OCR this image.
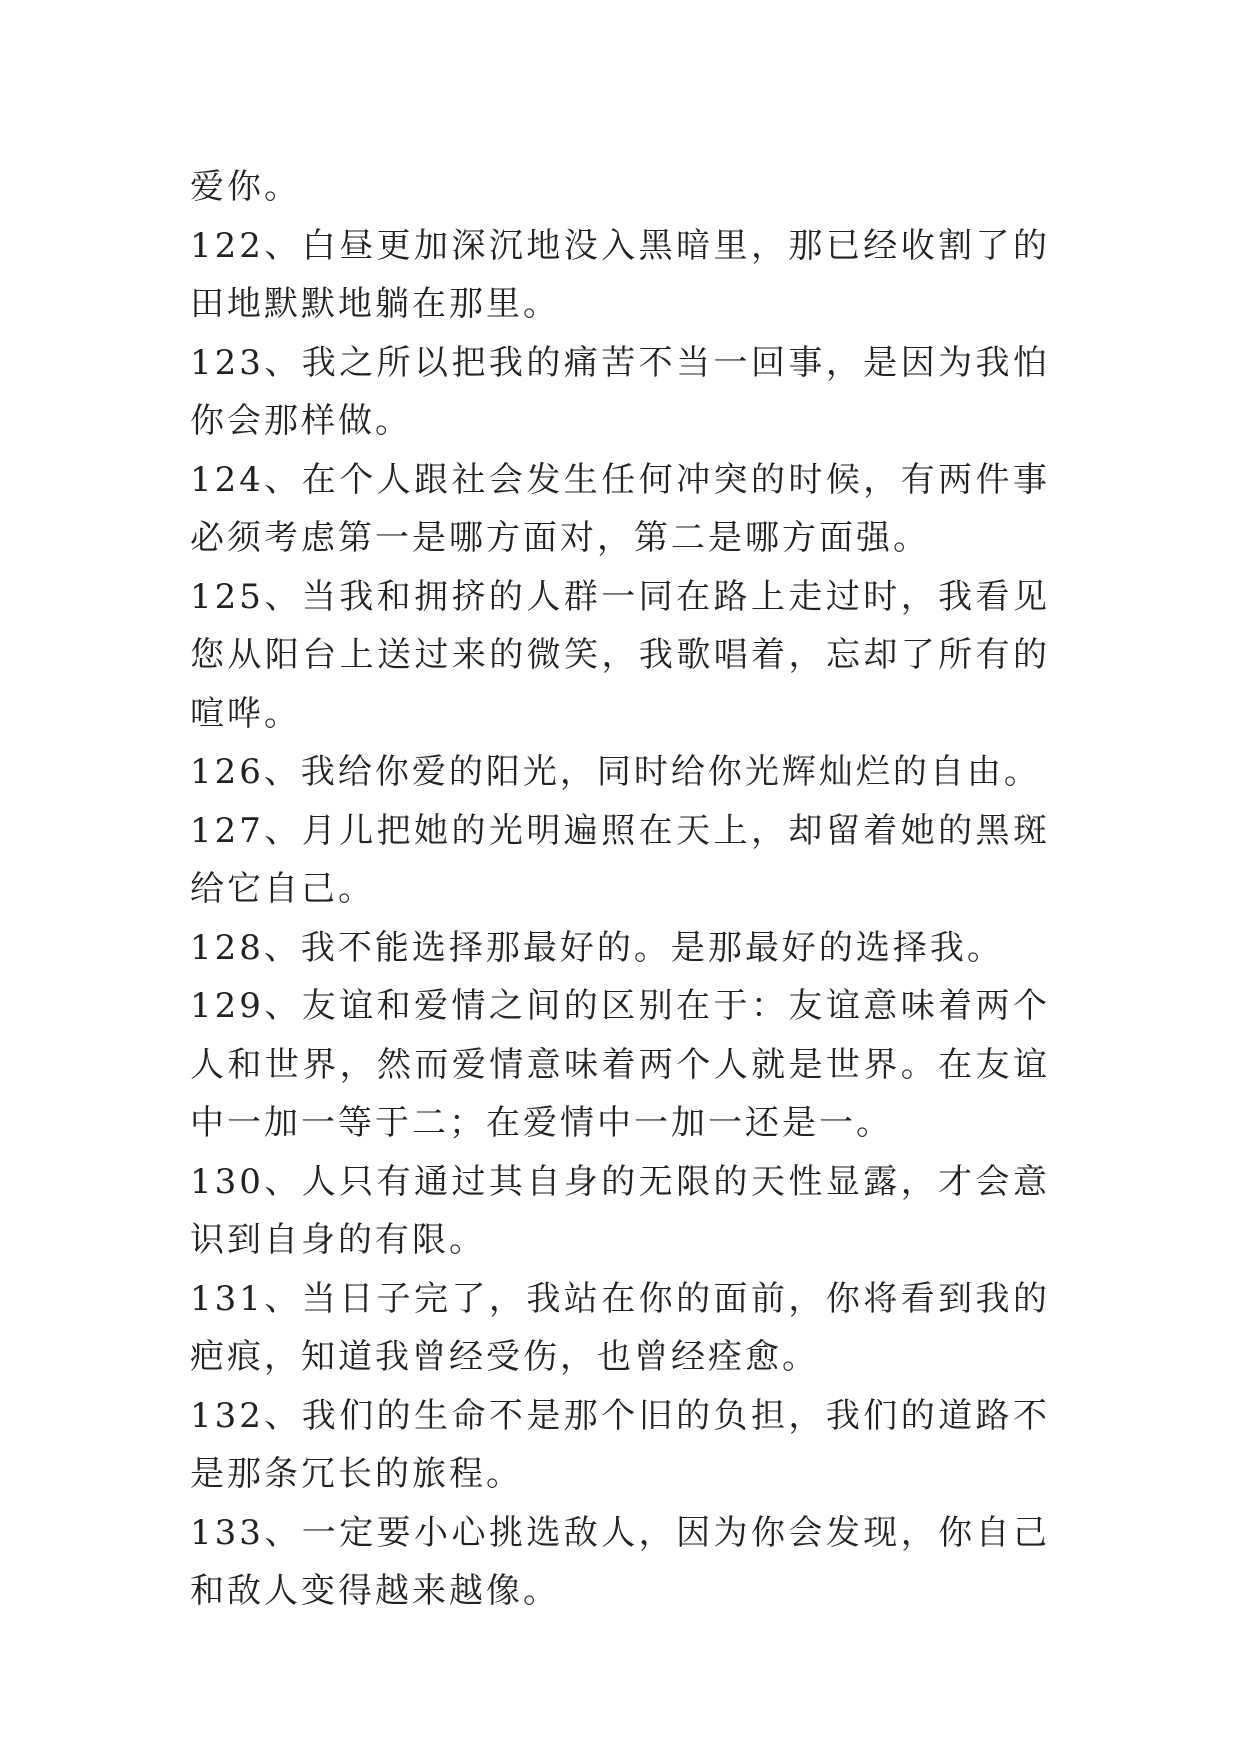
爱你。

122、白昼更加深沉地没入黑暗里，那已经收割了的田地默默地躺在那里。

123、我之所以把我的痛苦不当一回事，是因为我怕你会那样做。

124、在个人跟社会发生任何冲突的时候，有两件事必须考虑第一是哪方面对，第二是哪方面强。

125、当我和拥挤的人群一同在路上走过时，我看见您从阳台上送过来的微笑，我歌唱着，忘却了所有的喧哗。

126、我给你爱的阳光，同时给你光辉灿烂的自由。

127、月儿把她的光明遍照在天上，却留着她的黑斑给它自己。

128、我不能选择那最好的。是那最好的选择我。

129、友谊和爱情之间的区别在于：友谊意味着两个人和世界，然而爱情意味着两个人就是世界。在友谊中一加一等于二；在爱情中一加一还是一。

130、人只有通过其自身的无限的天性显露，才会意识到自身的有限。

131、当日子完了，我站在你的面前，你将看到我的疤痕，知道我曾经受伤，也曾经痊愈。

132、我们的生命不是那个旧的负担，我们的道路不是那条冗长的旅程。

133、一定要小心挑选敌人，因为你会发现，你自己和敌人变得越来越像。
